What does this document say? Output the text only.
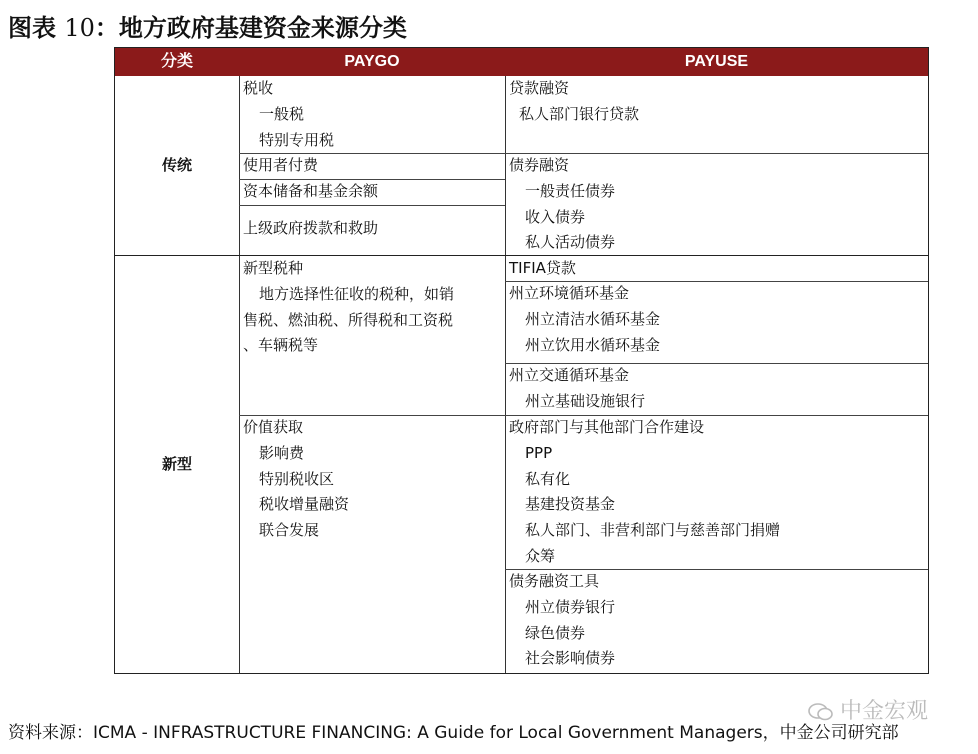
图表 10：地方政府基建资金来源分类
分类	PAYGO	PAYUSE
传统
新型
税收
一般税
特别专用税
使用者付费
资本储备和基金余额
上级政府拨款和救助
贷款融资
私人部门银行贷款
债券融资
一般责任债券
收入债券
私人活动债券
新型税种
地方选择性征收的税种，如销
售税、燃油税、所得税和工资税
、车辆税等
价值获取
影响费
特别税收区
税收增量融资
联合发展
TIFIA贷款
州立环境循环基金
州立清洁水循环基金
州立饮用水循环基金
州立交通循环基金
州立基础设施银行
政府部门与其他部门合作建设
PPP
私有化
基建投资基金
私人部门、非营利部门与慈善部门捐赠
众筹
债务融资工具
州立债券银行
绿色债券
社会影响债券
中金宏观
资料来源：ICMA - INFRASTRUCTURE FINANCING: A Guide for Local Government Managers，中金公司研究部
